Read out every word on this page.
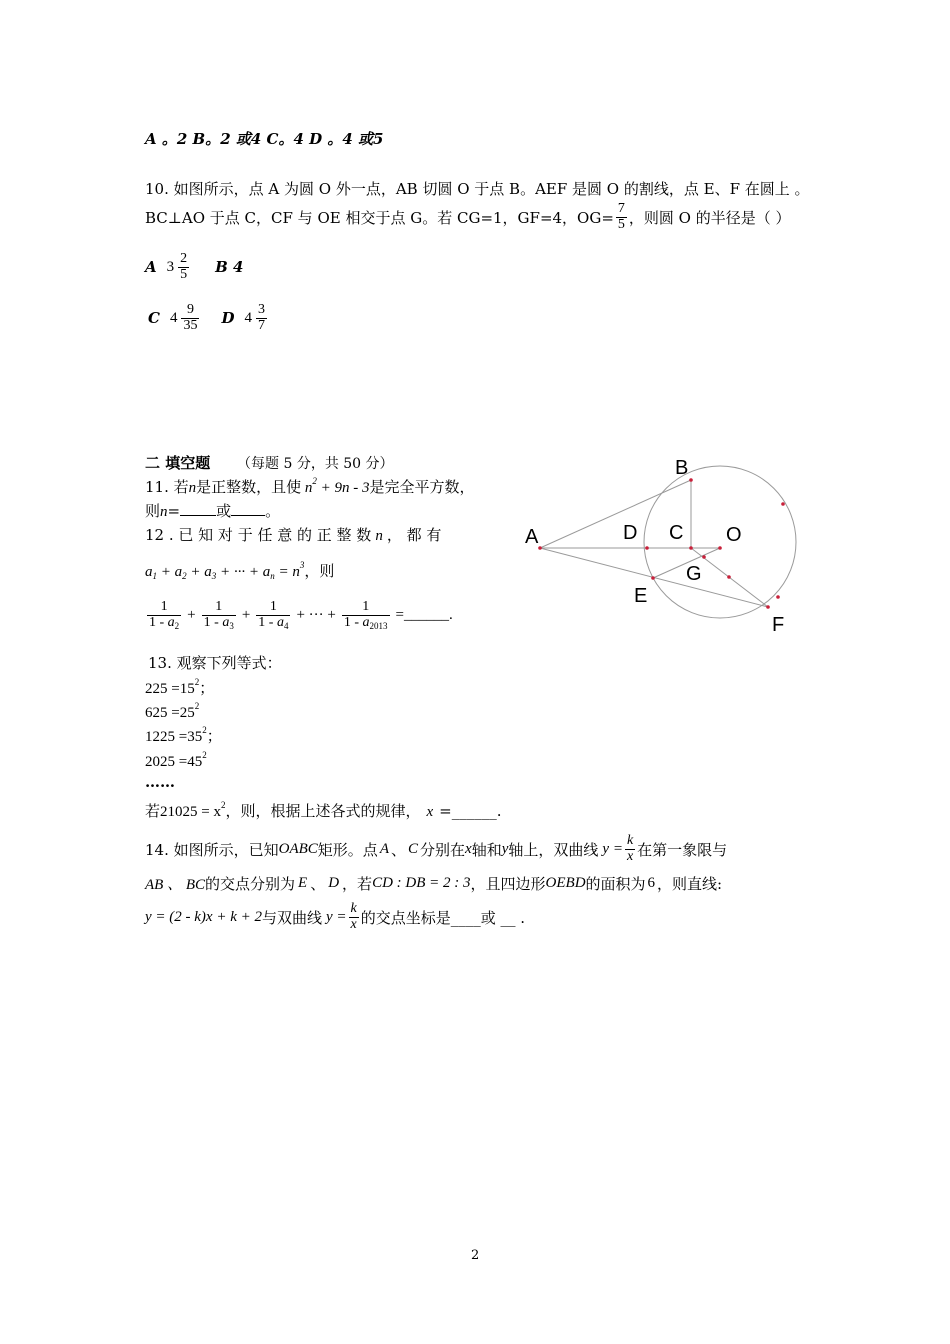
A 。2 B。2 或4 C。4 D 。4 或5
10. 如图所示，点 A 为圆 O 外一点，AB 切圆 O 于点 B。AEF 是圆 O 的割线，点 E、F 在圆上 。
BC⊥AO 于点 C，CF 与 OE 相交于点 G。若 CG=1，GF=4，$OG= \frac{7}{5}$ ，则圆 O 的半径是（ ）
A $3 \frac{2}{5}$ B 4
C $4 \frac{9}{35}$ D $4 \frac{3}{7}$
二 填空题 （每题 5 分，共 50 分）
11. 若n是正整数，且使 $n^2 + 9n - 3$是完全平方数，
则n= 或 。
12 . 已 知 对 于 任 意 的 正 整 数 n ， 都 有
$a_1 + a_2 + a_3$ + ··· + $a_n = n^3$，则
$\frac{1}{1 - a_2} + \frac{1}{1 - a_3} + \frac{1}{1 - a_4}$ + ··· + $\frac{1}{1 - a_{2013}}$ =______.
13. 观察下列等式：
$225 =15^2$；
$625 =25^2$
$1225 =35^2$；
$2025 =45^2$
……
若$21025 = x^2$，则，根据上述各式的规律， x =______.
14. 如图所示，已知 OABC 矩形。点 A 、 C 分别在 x 轴和 y 轴上，双曲线 $y = \frac{k}{x}$ 在第一象限与
AB 、 BC 的交点分别为 E 、 D ，若 CD : DB = 2 : 3 ，且四边形 OEBD 的面积为 6 ，则直线:
y = (2 - k)x + k + 2 与双曲线 $y = \frac{k}{x}$ 的交点坐标是____或 __ .
A
B
D C O
G
E
F
2
